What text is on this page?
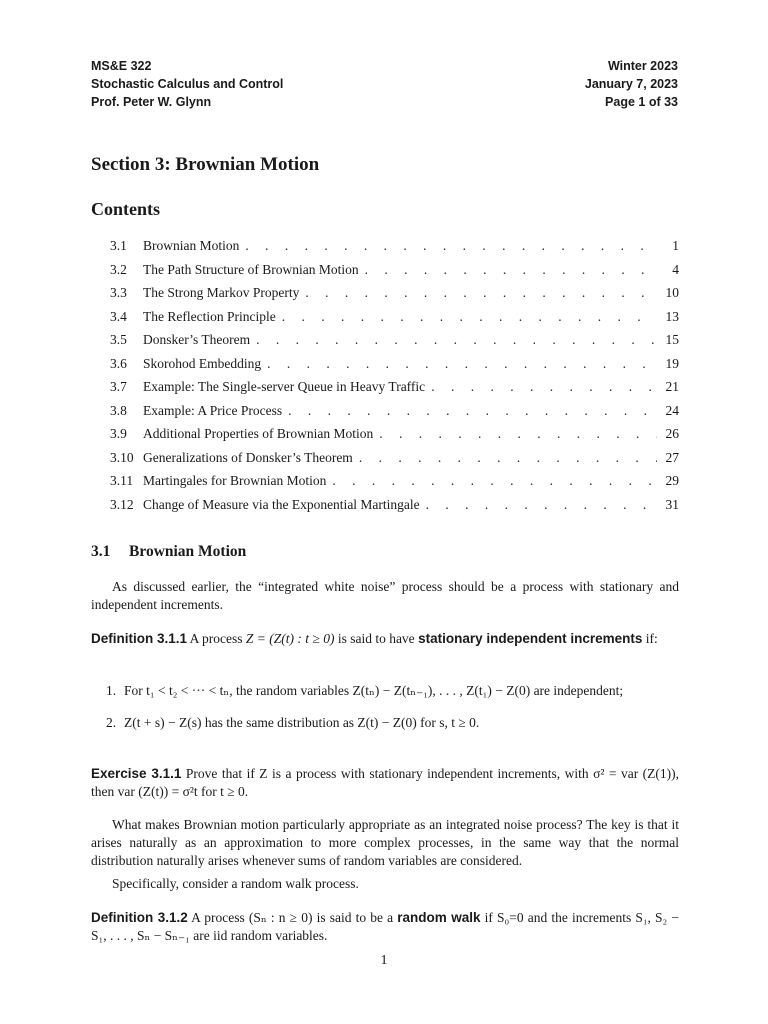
MS&E 322
Stochastic Calculus and Control
Prof. Peter W. Glynn
Winter 2023
January 7, 2023
Page 1 of 33
Section 3: Brownian Motion
Contents
3.1	Brownian Motion . . .	1
3.2	The Path Structure of Brownian Motion . . .	4
3.3	The Strong Markov Property . . .	10
3.4	The Reflection Principle . . .	13
3.5	Donsker’s Theorem . . .	15
3.6	Skorohod Embedding . . .	19
3.7	Example: The Single-server Queue in Heavy Traffic . . .	21
3.8	Example: A Price Process . . .	24
3.9	Additional Properties of Brownian Motion . . .	26
3.10 Generalizations of Donsker’s Theorem . . .	27
3.11 Martingales for Brownian Motion . . .	29
3.12 Change of Measure via the Exponential Martingale . . .	31
3.1 Brownian Motion
As discussed earlier, the “integrated white noise” process should be a process with stationary and independent increments.
Definition 3.1.1 A process Z = (Z(t) : t ≥ 0) is said to have stationary independent increments if:
1. For t₁ < t₂ < ··· < tₙ, the random variables Z(tₙ) − Z(tₙ₋₁), . . . , Z(t₁) − Z(0) are independent;
2. Z(t + s) − Z(s) has the same distribution as Z(t) − Z(0) for s, t ≥ 0.
Exercise 3.1.1 Prove that if Z is a process with stationary independent increments, with σ² = var (Z(1)), then var (Z(t)) = σ²t for t ≥ 0.
What makes Brownian motion particularly appropriate as an integrated noise process? The key is that it arises naturally as an approximation to more complex processes, in the same way that the normal distribution naturally arises whenever sums of random variables are considered.
Specifically, consider a random walk process.
Definition 3.1.2 A process (Sₙ : n ≥ 0) is said to be a random walk if S₀=0 and the increments S₁, S₂ − S₁, . . . , Sₙ − Sₙ₋₁ are iid random variables.
1
